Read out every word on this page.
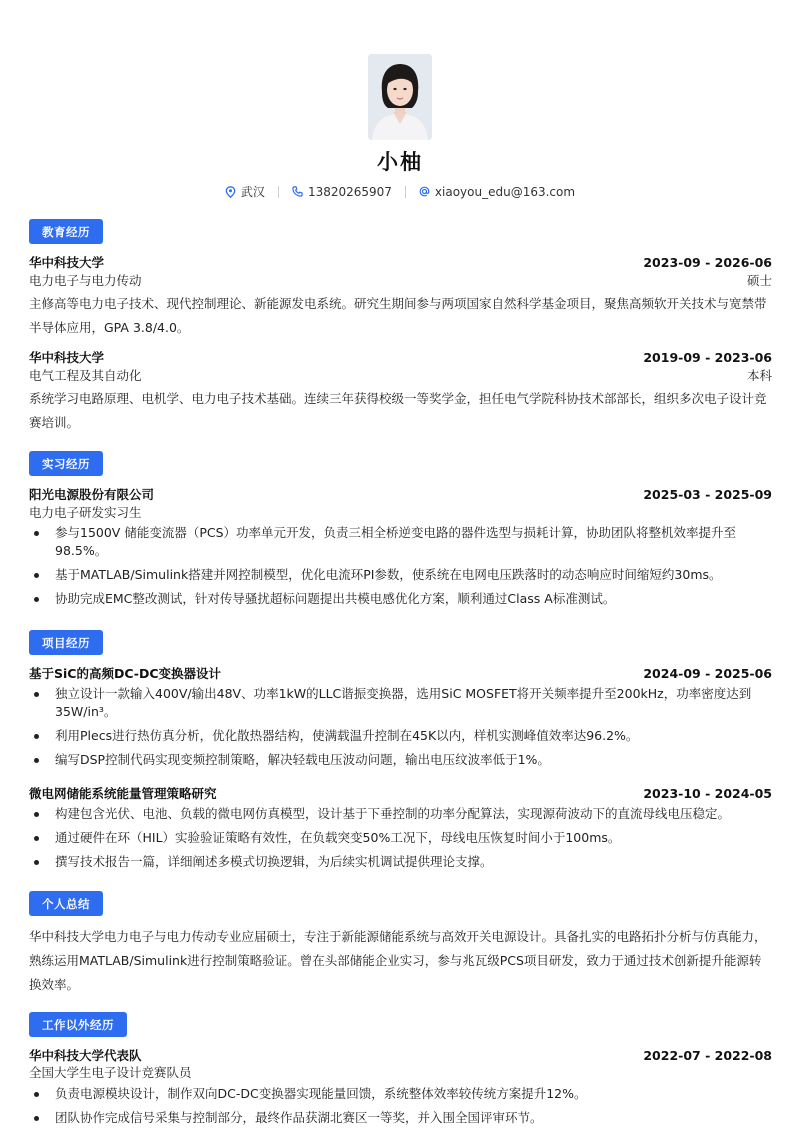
小柚
武汉	13820265907	xiaoyou_edu@163.com
教育经历
华中科技大学	2023-09 - 2026-06
电力电子与电力传动	硕士
主修高等电力电子技术、现代控制理论、新能源发电系统。研究生期间参与两项国家自然科学基金项目，聚焦高频软开关技术与宽禁带半导体应用，GPA 3.8/4.0。
华中科技大学	2019-09 - 2023-06
电气工程及其自动化	本科
系统学习电路原理、电机学、电力电子技术基础。连续三年获得校级一等奖学金，担任电气学院科协技术部部长，组织多次电子设计竞赛培训。
实习经历
阳光电源股份有限公司	2025-03 - 2025-09
电力电子研发实习生
参与1500V 储能变流器（PCS）功率单元开发，负责三相全桥逆变电路的器件选型与损耗计算，协助团队将整机效率提升至98.5%。
基于MATLAB/Simulink搭建并网控制模型，优化电流环PI参数，使系统在电网电压跌落时的动态响应时间缩短约30ms。
协助完成EMC整改测试，针对传导骚扰超标问题提出共模电感优化方案，顺利通过Class A标准测试。
项目经历
基于SiC的高频DC-DC变换器设计	2024-09 - 2025-06
独立设计一款输入400V/输出48V、功率1kW的LLC谐振变换器，选用SiC MOSFET将开关频率提升至200kHz，功率密度达到35W/in³。
利用Plecs进行热仿真分析，优化散热器结构，使满载温升控制在45K以内，样机实测峰值效率达96.2%。
编写DSP控制代码实现变频控制策略，解决轻载电压波动问题，输出电压纹波率低于1%。
微电网储能系统能量管理策略研究	2023-10 - 2024-05
构建包含光伏、电池、负载的微电网仿真模型，设计基于下垂控制的功率分配算法，实现源荷波动下的直流母线电压稳定。
通过硬件在环（HIL）实验验证策略有效性，在负载突变50%工况下，母线电压恢复时间小于100ms。
撰写技术报告一篇，详细阐述多模式切换逻辑，为后续实机调试提供理论支撑。
个人总结
华中科技大学电力电子与电力传动专业应届硕士，专注于新能源储能系统与高效开关电源设计。具备扎实的电路拓扑分析与仿真能力，熟练运用MATLAB/Simulink进行控制策略验证。曾在头部储能企业实习，参与兆瓦级PCS项目研发，致力于通过技术创新提升能源转换效率。
工作以外经历
华中科技大学代表队	2022-07 - 2022-08
全国大学生电子设计竞赛队员
负责电源模块设计，制作双向DC-DC变换器实现能量回馈，系统整体效率较传统方案提升12%。
团队协作完成信号采集与控制部分，最终作品获湖北赛区一等奖，并入围全国评审环节。
